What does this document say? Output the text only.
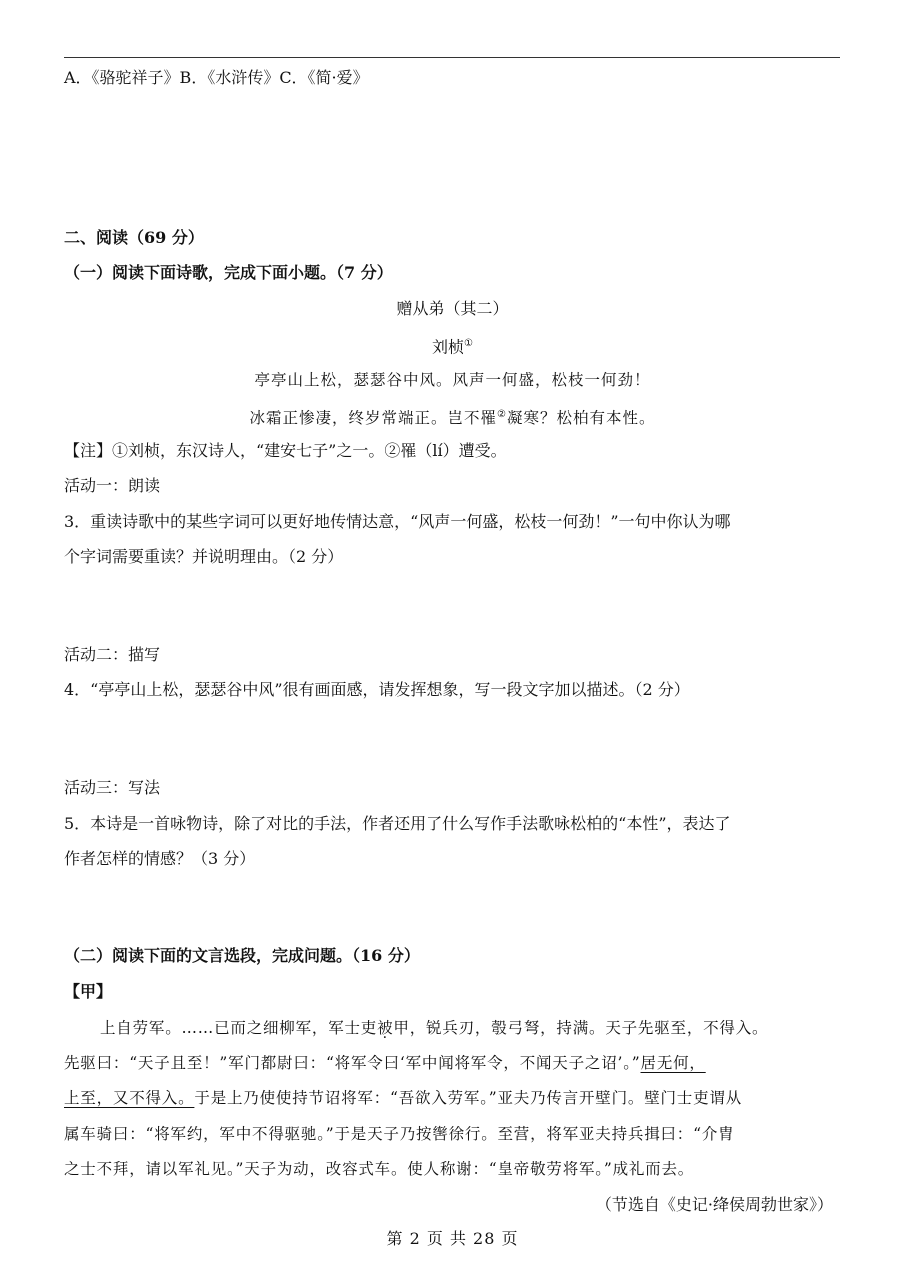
A．《骆驼祥子》B．《水浒传》C．《简·爱》
二、阅读（69 分）
（一）阅读下面诗歌，完成下面小题。（7 分）
赠从弟（其二）
刘桢①
亭亭山上松，瑟瑟谷中风。风声一何盛，松枝一何劲！
冰霜正惨凄，终岁常端正。岂不罹②凝寒？松柏有本性。
【注】①刘桢，东汉诗人，“建安七子”之一。②罹（lí）遭受。
活动一：朗读
3．重读诗歌中的某些字词可以更好地传情达意，“风声一何盛，松枝一何劲！”一句中你认为哪
个字词需要重读？并说明理由。（2 分）
活动二：描写
4．“亭亭山上松，瑟瑟谷中风”很有画面感，请发挥想象，写一段文字加以描述。（2 分）
活动三：写法
5．本诗是一首咏物诗，除了对比的手法，作者还用了什么写作手法歌咏松柏的“本性”，表达了
作者怎样的情感？（3 分）
（二）阅读下面的文言选段，完成问题。（16 分）
【甲】
上自劳军。……已而之细柳军，军士吏被甲，锐兵刃，彀弓弩，持满。天子先驱至，不得入。
先驱曰：“天子且至！”军门都尉曰：“将军令曰‘军中闻将军令，不闻天子之诏’。”居无何，
上至，又不得入。于是上乃使使持节诏将军：“吾欲入劳军。”亚夫乃传言开壁门。壁门士吏谓从
属车骑曰：“将军约，军中不得驱驰。”于是天子乃按辔徐行。至营，将军亚夫持兵揖曰：“介胄
之士不拜，请以军礼见。”天子为动，改容式车。使人称谢：“皇帝敬劳将军。”成礼而去。
（节选自《史记·绛侯周勃世家》）
第 2 页 共 28 页
